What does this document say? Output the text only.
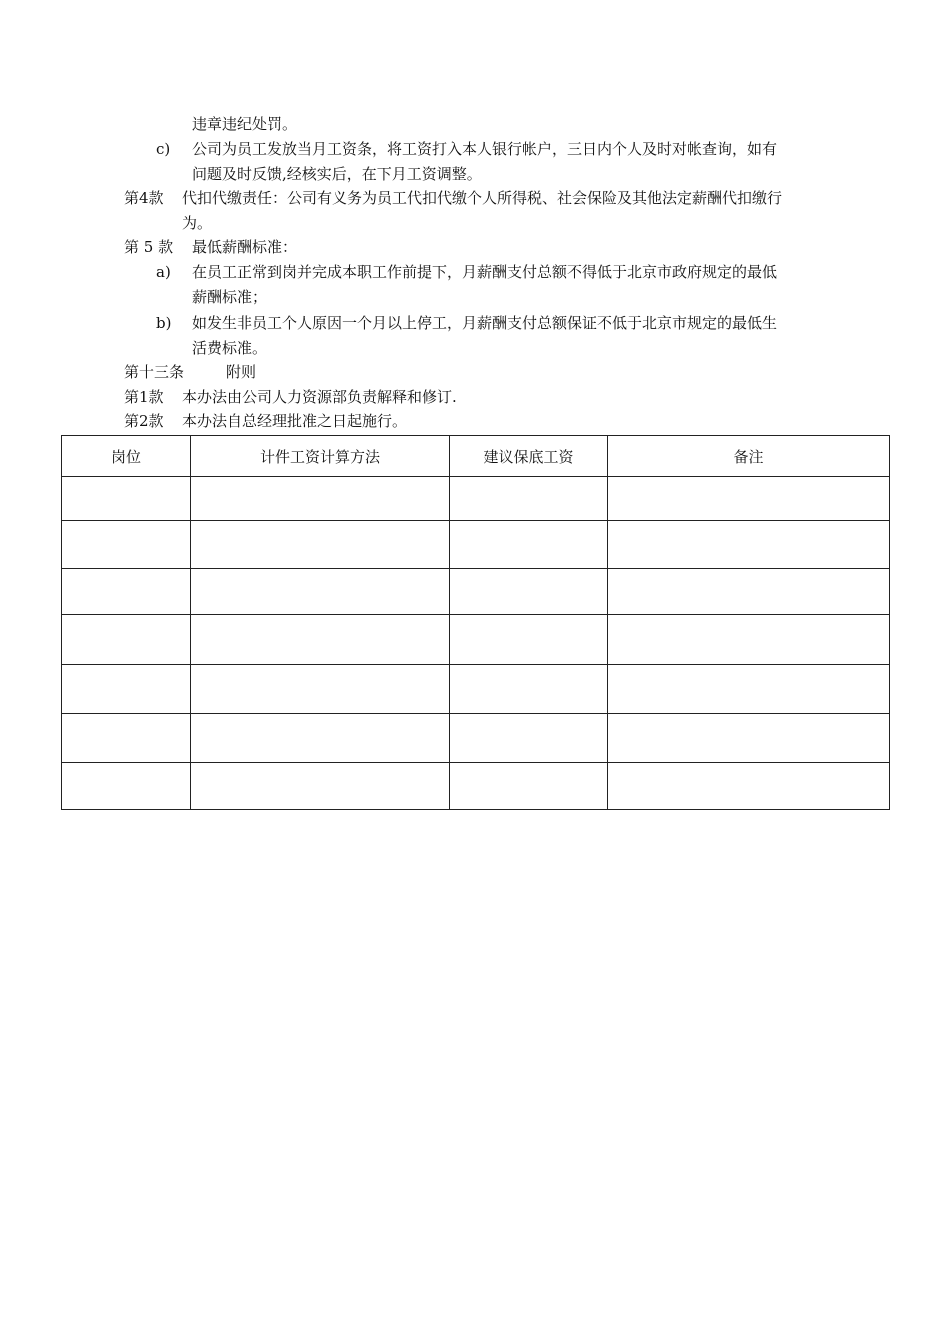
违章违纪处罚。
c) 公司为员工发放当月工资条，将工资打入本人银行帐户，三日内个人及时对帐查询，如有
问题及时反馈,经核实后，在下月工资调整。
第4款 代扣代缴责任：公司有义务为员工代扣代缴个人所得税、社会保险及其他法定薪酬代扣缴行
为。
第 5 款 最低薪酬标准：
a) 在员工正常到岗并完成本职工作前提下，月薪酬支付总额不得低于北京市政府规定的最低
薪酬标准；
b) 如发生非员工个人原因一个月以上停工，月薪酬支付总额保证不低于北京市规定的最低生
活费标准。
第十三条	附则
第1款 本办法由公司人力资源部负责解释和修订.
第2款 本办法自总经理批准之日起施行。
岗位	计件工资计算方法	建议保底工资	备注
